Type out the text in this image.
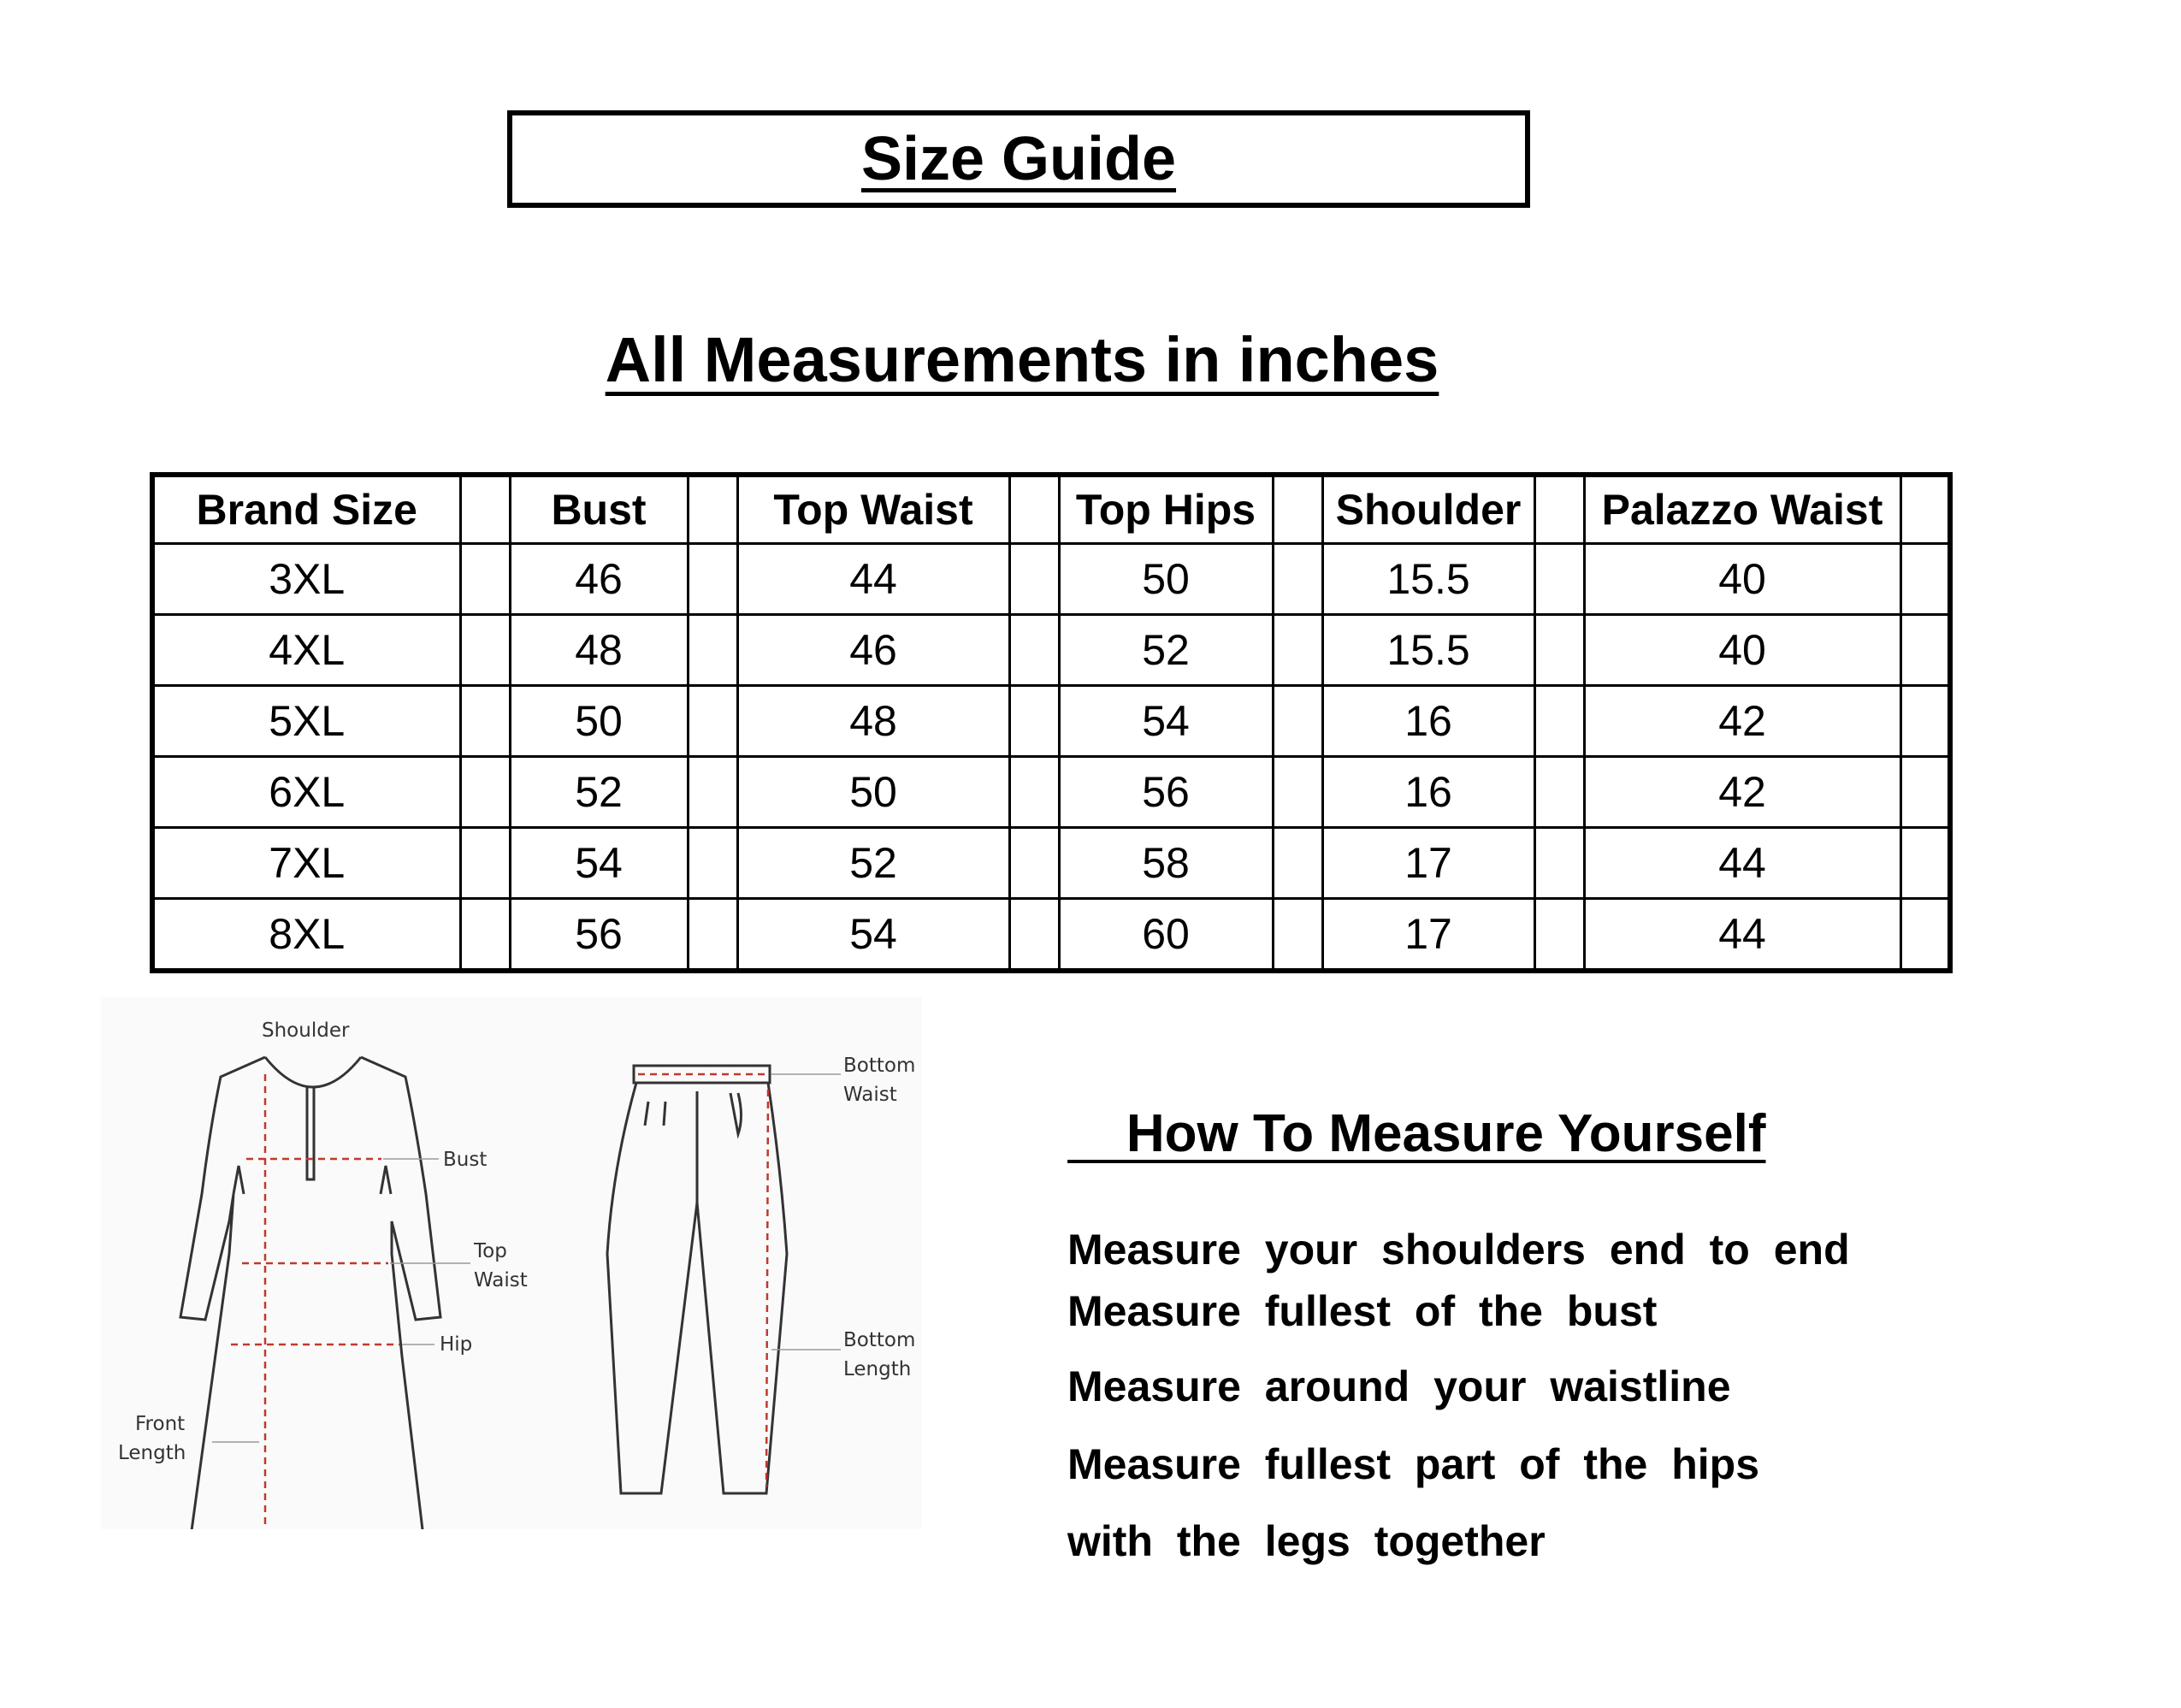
Size Guide
All Measurements in inches
Brand Size		Bust		Top Waist		Top Hips		Shoulder		Palazzo Waist	
3XL		46		44		50		15.5		40	
4XL		48		46		52		15.5		40	
5XL		50		48		54		16		42	
6XL		52		50		56		16		42	
7XL		54		52		58		17		44	
8XL		56		54		60		17		44	
Shoulder
Bust
Top
Waist
Hip
Front
Length
Bottom
Waist
Bottom
Length
How To Measure Yourself
Measure your shoulders end to end
Measure fullest of the bust
Measure around your waistline
Measure fullest part of the hips
with the legs together
